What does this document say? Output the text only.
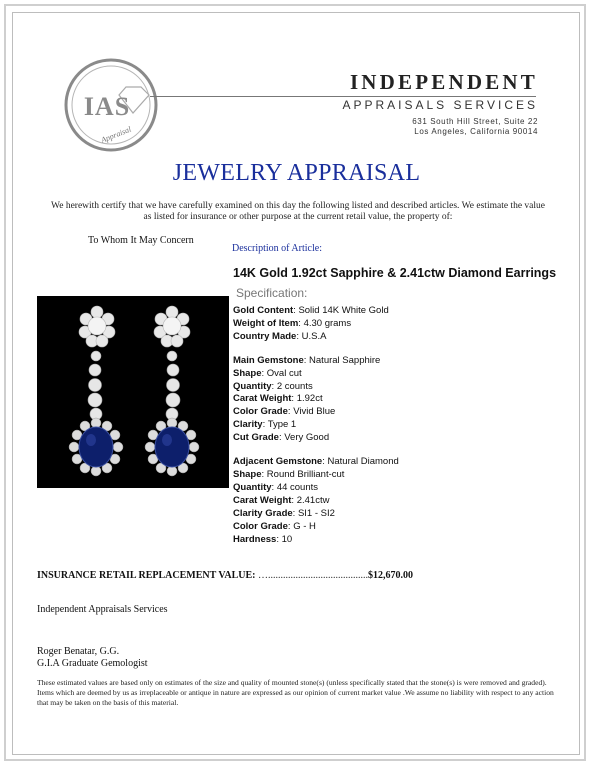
IAS
Appraisal
INDEPENDENT
APPRAISALS SERVICES
631 South Hill Street, Suite 22
Los Angeles, California 90014
JEWELRY APPRAISAL
We herewith certify that we have carefully examined on this day the following listed and described articles. We estimate the value as listed for insurance or other purpose at the current retail value, the property of:
To Whom It May Concern
Description of Article:
14K Gold 1.92ct Sapphire & 2.41ctw Diamond Earrings
Specification:
Gold Content: Solid 14K White Gold
Weight of Item: 4.30 grams
Country Made: U.S.A
Main Gemstone: Natural Sapphire
Shape: Oval cut
Quantity: 2 counts
Carat Weight: 1.92ct
Color Grade: Vivid Blue
Clarity: Type 1
Cut Grade: Very Good
Adjacent Gemstone: Natural Diamond
Shape: Round Brilliant-cut
Quantity: 44 counts
Carat Weight: 2.41ctw
Clarity Grade: SI1 - SI2
Color Grade: G - H
Hardness: 10
INSURANCE RETAIL REPLACEMENT VALUE: …........................................$12,670.00
Independent Appraisals Services
Roger Benatar, G.G.
G.I.A Graduate Gemologist
These estimated values are based only on estimates of the size and quality of mounted stone(s) (unless specifically stated that the stone(s) is were removed and graded). Items which are deemed by us as irreplaceable or antique in nature are expressed as our opinion of current market value .We assume no liability with respect to any action that may be taken on the basis of this material.
